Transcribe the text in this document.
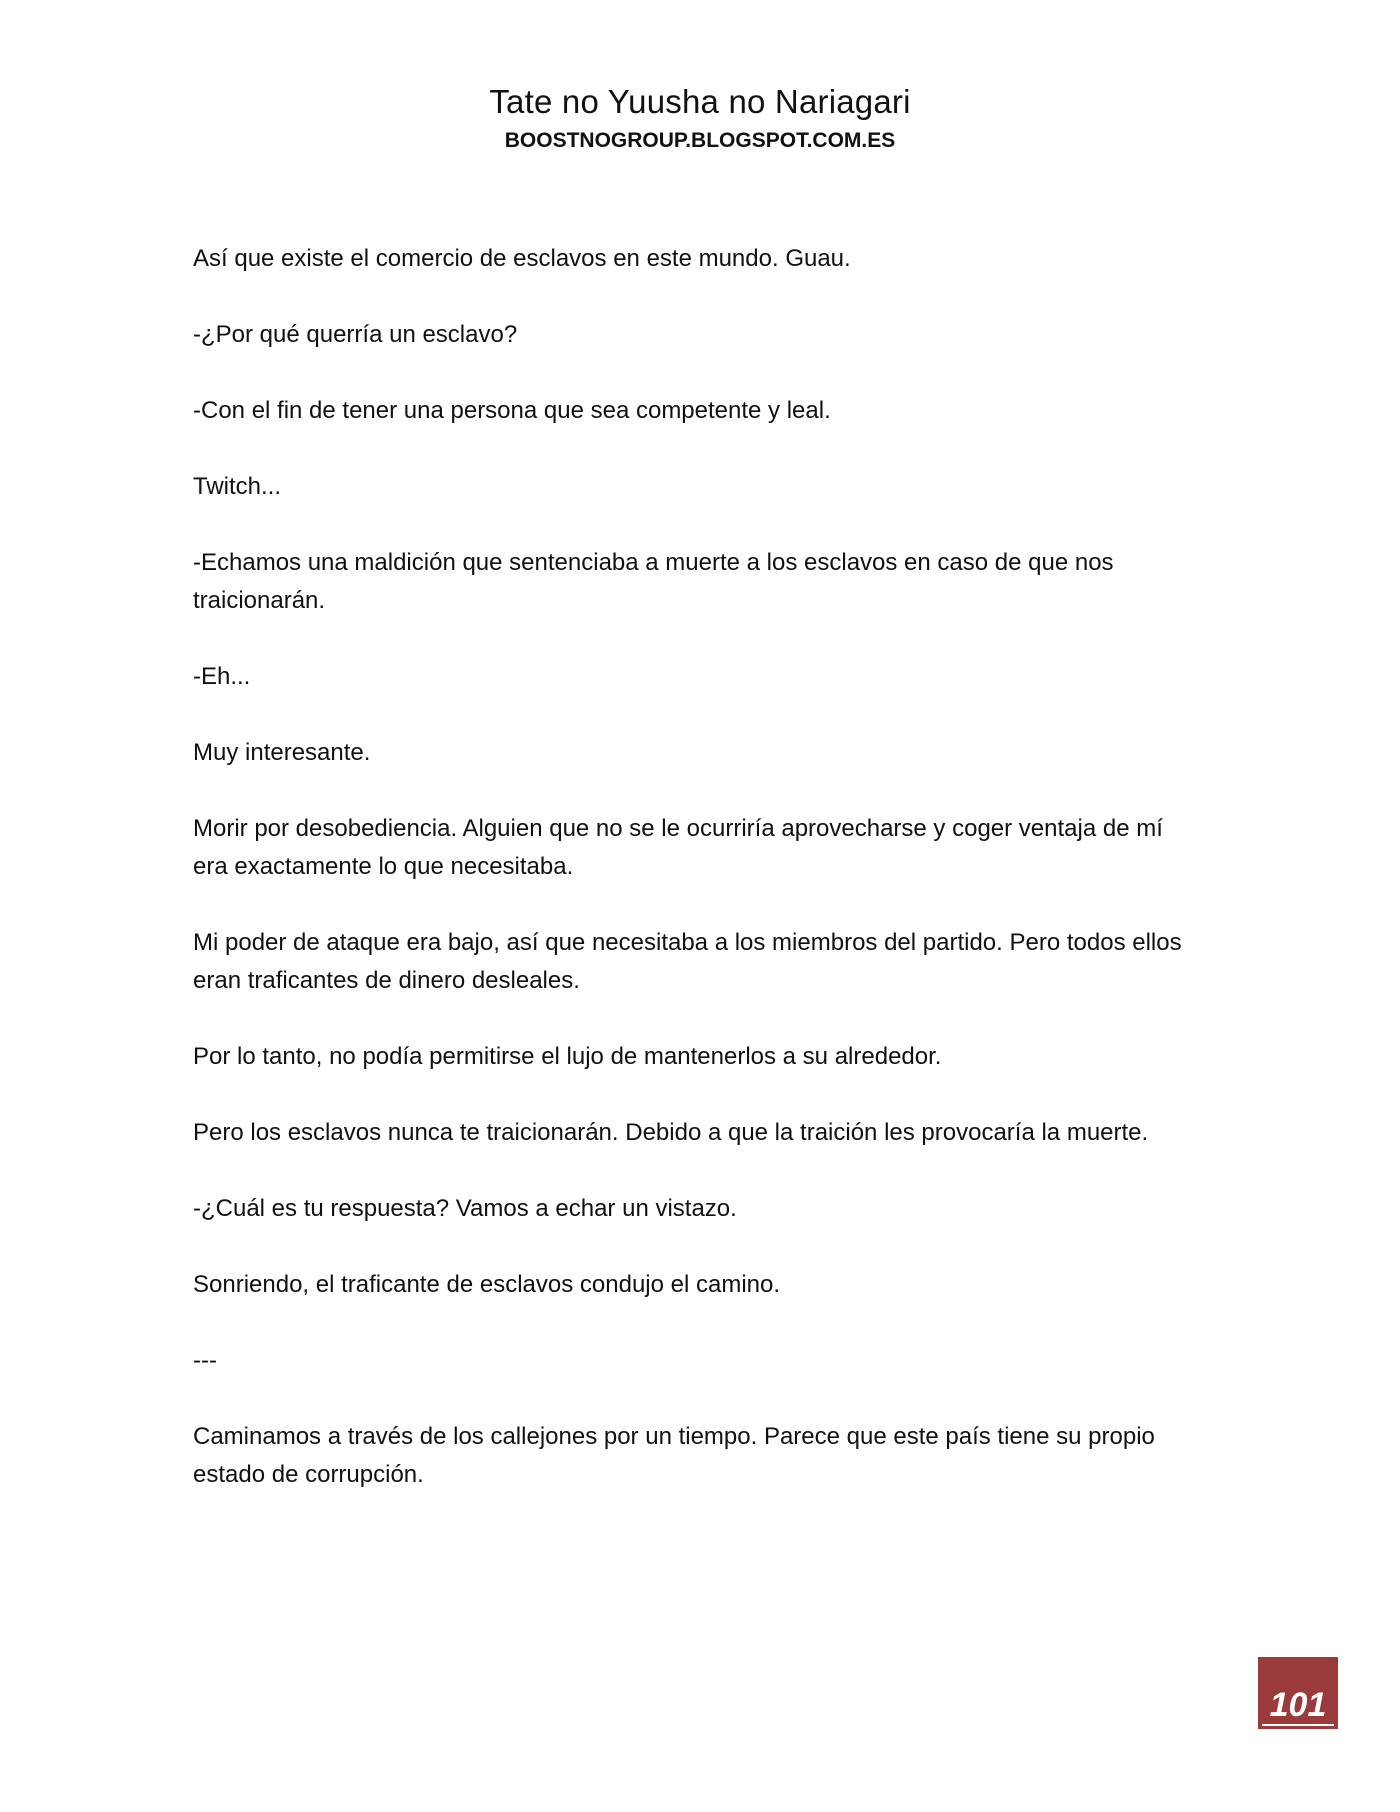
Tate no Yuusha no Nariagari
BOOSTNOGROUP.BLOGSPOT.COM.ES

Así que existe el comercio de esclavos en este mundo. Guau.

-¿Por qué querría un esclavo?

-Con el fin de tener una persona que sea competente y leal.

Twitch...

-Echamos una maldición que sentenciaba a muerte a los esclavos en caso de que nos traicionarán.

-Eh...

Muy interesante.

Morir por desobediencia. Alguien que no se le ocurriría aprovecharse y coger ventaja de mí era exactamente lo que necesitaba.

Mi poder de ataque era bajo, así que necesitaba a los miembros del partido. Pero todos ellos eran traficantes de dinero desleales.

Por lo tanto, no podía permitirse el lujo de mantenerlos a su alrededor.

Pero los esclavos nunca te traicionarán. Debido a que la traición les provocaría la muerte.

-¿Cuál es tu respuesta? Vamos a echar un vistazo.

Sonriendo, el traficante de esclavos condujo el camino.

---

Caminamos a través de los callejones por un tiempo. Parece que este país tiene su propio estado de corrupción.

101
